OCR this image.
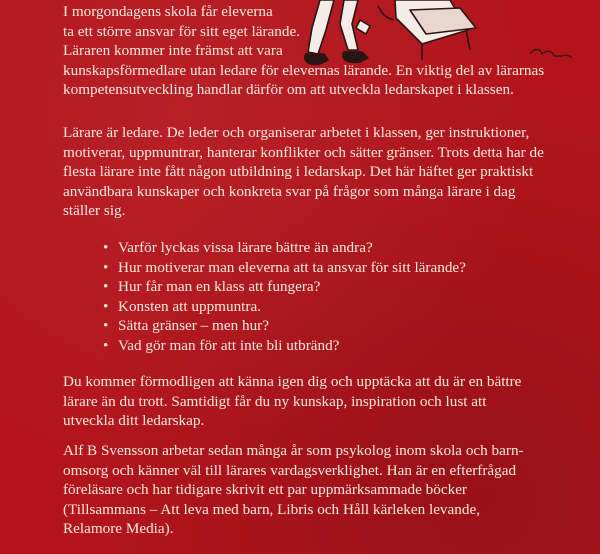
I morgondagens skola får eleverna
ta ett större ansvar för sitt eget lärande.
Läraren kommer inte främst att vara
kunskapsförmedlare utan ledare för elevernas lärande. En viktig del av lärarnas
kompetensutveckling handlar därför om att utveckla ledarskapet i klassen.

Lärare är ledare. De leder och organiserar arbetet i klassen, ger instruktioner,
motiverar, uppmuntrar, hanterar konflikter och sätter gränser. Trots detta har de
flesta lärare inte fått någon utbildning i ledarskap. Det här häftet ger praktiskt
användbara kunskaper och konkreta svar på frågor som många lärare i dag
ställer sig.

• Varför lyckas vissa lärare bättre än andra?
• Hur motiverar man eleverna att ta ansvar för sitt lärande?
• Hur får man en klass att fungera?
• Konsten att uppmuntra.
• Sätta gränser – men hur?
• Vad gör man för att inte bli utbränd?

Du kommer förmodligen att känna igen dig och upptäcka att du är en bättre
lärare än du trott. Samtidigt får du ny kunskap, inspiration och lust att
utveckla ditt ledarskap.

Alf B Svensson arbetar sedan många år som psykolog inom skola och barn-
omsorg och känner väl till lärares vardagsverklighet. Han är en efterfrågad
föreläsare och har tidigare skrivit ett par uppmärksammade böcker
(Tillsammans – Att leva med barn, Libris och Håll kärleken levande,
Relamore Media).
